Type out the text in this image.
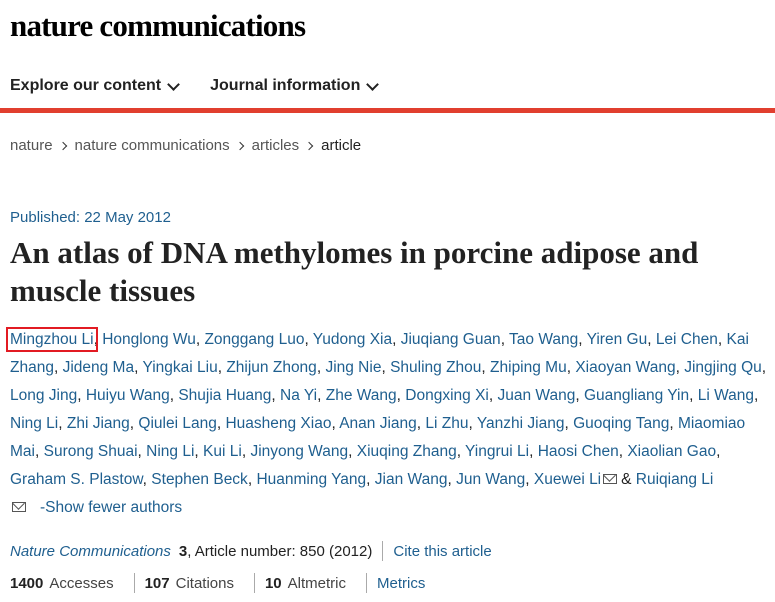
nature communications
Explore our content	Journal information
nature nature communications articles article
Published: 22 May 2012
An atlas of DNA methylomes in porcine adipose and muscle tissues
Mingzhou Li, Honglong Wu, Zonggang Luo, Yudong Xia, Jiuqiang Guan, Tao Wang, Yiren Gu, Lei Chen, Kai Zhang, Jideng Ma, Yingkai Liu, Zhijun Zhong, Jing Nie, Shuling Zhou, Zhiping Mu, Xiaoyan Wang, Jingjing Qu, Long Jing, Huiyu Wang, Shujia Huang, Na Yi, Zhe Wang, Dongxing Xi, Juan Wang, Guangliang Yin, Li Wang, Ning Li, Zhi Jiang, Qiulei Lang, Huasheng Xiao, Anan Jiang, Li Zhu, Yanzhi Jiang, Guoqing Tang, Miaomiao Mai, Surong Shuai, Ning Li, Kui Li, Jinyong Wang, Xiuqing Zhang, Yingrui Li, Haosi Chen, Xiaolian Gao, Graham S. Plastow, Stephen Beck, Huanming Yang, Jian Wang, Jun Wang, Xuewei Li & Ruiqiang Li
-Show fewer authors
Nature Communications 3 , Article number: 850 (2012) Cite this article
1400 Accesses 107 Citations 10 Altmetric Metrics
